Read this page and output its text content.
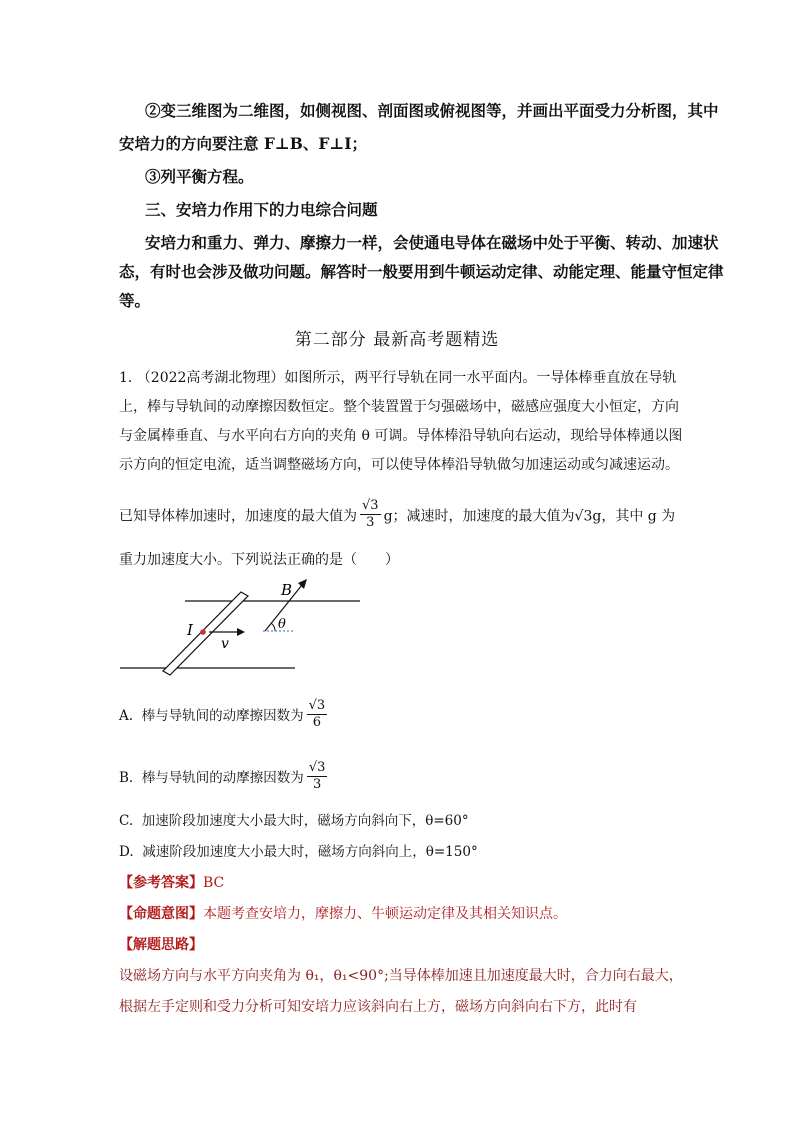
②变三维图为二维图，如侧视图、剖面图或俯视图等，并画出平面受力分析图，其中
安培力的方向要注意 F⊥B、F⊥I；
③列平衡方程。
三、安培力作用下的力电综合问题
安培力和重力、弹力、摩擦力一样，会使通电导体在磁场中处于平衡、转动、加速状
态，有时也会涉及做功问题。解答时一般要用到牛顿运动定律、动能定理、能量守恒定律
等。
第二部分 最新高考题精选
1. （2022高考湖北物理）如图所示，两平行导轨在同一水平面内。一导体棒垂直放在导轨
上，棒与导轨间的动摩擦因数恒定。整个装置置于匀强磁场中，磁感应强度大小恒定，方向
与金属棒垂直、与水平向右方向的夹角 θ 可调。导体棒沿导轨向右运动，现给导体棒通以图
示方向的恒定电流，适当调整磁场方向，可以使导体棒沿导轨做匀加速运动或匀减速运动。
已知导体棒加速时，加速度的最大值为 $\frac{√3}{3}$ g；减速时，加速度的最大值为√3g，其中 g 为
重力加速度大小。下列说法正确的是（　　）
I
v
B
θ
A. 棒与导轨间的动摩擦因数为 $\frac{√3}{6}$
B. 棒与导轨间的动摩擦因数为 $\frac{√3}{3}$
C. 加速阶段加速度大小最大时，磁场方向斜向下，θ=60°
D. 减速阶段加速度大小最大时，磁场方向斜向上，θ=150°
【参考答案】BC
【命题意图】本题考查安培力，摩擦力、牛顿运动定律及其相关知识点。
【解题思路】
设磁场方向与水平方向夹角为 θ₁，θ₁<90°;当导体棒加速且加速度最大时，合力向右最大，
根据左手定则和受力分析可知安培力应该斜向右上方，磁场方向斜向右下方，此时有
